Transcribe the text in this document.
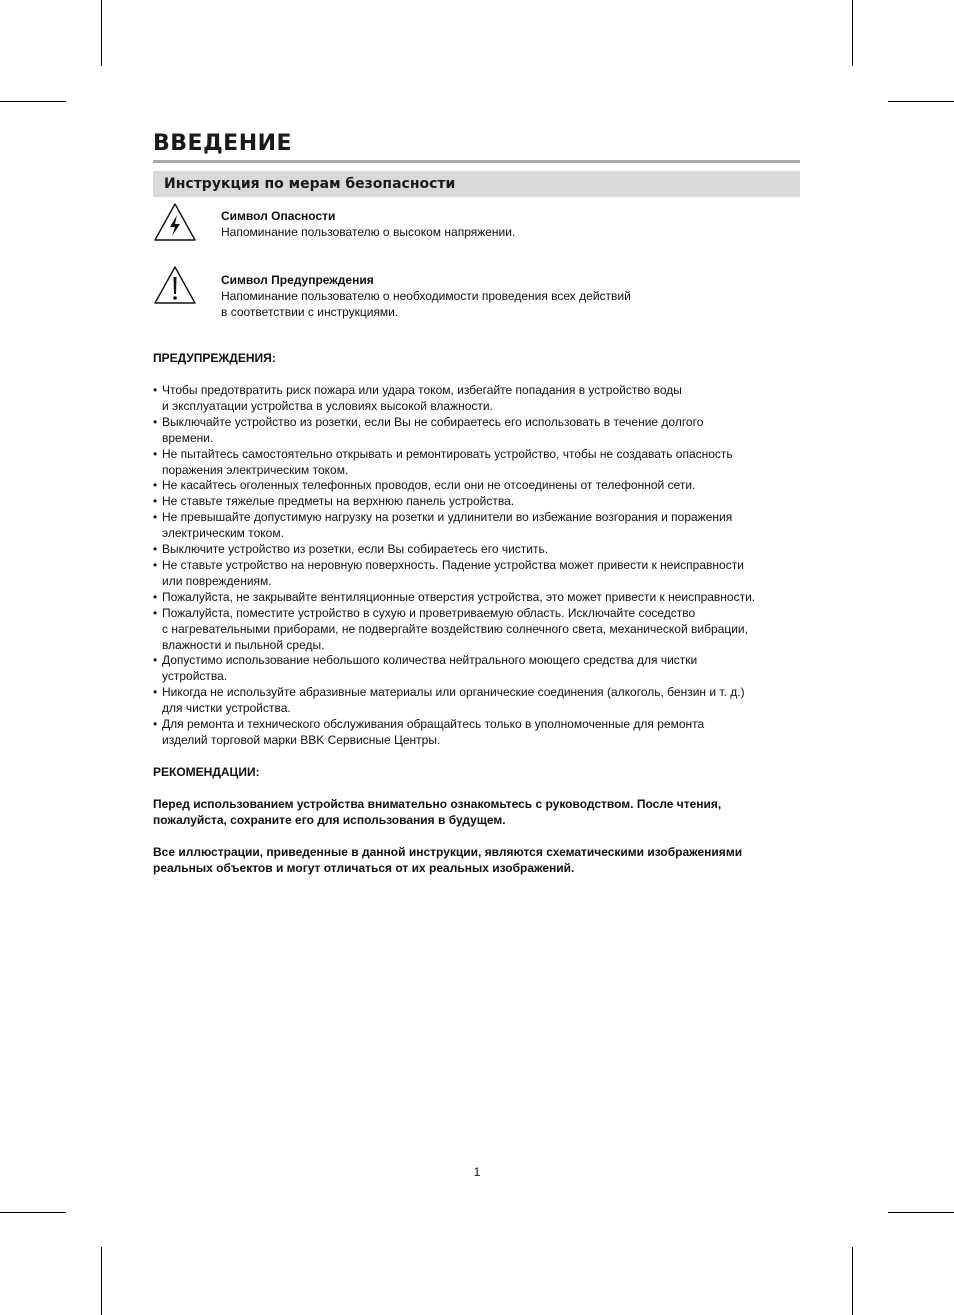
ВВЕДЕНИЕ
Инструкция по мерам безопасности
Символ Опасности
Напоминание пользователю о высоком напряжении.
Символ Предупреждения
Напоминание пользователю о необходимости проведения всех действий
в соответствии с инструкциями.
ПРЕДУПРЕЖДЕНИЯ:
• Чтобы предотвратить риск пожара или удара током, избегайте попадания в устройство воды
и эксплуатации устройства в условиях высокой влажности.
• Выключайте устройство из розетки, если Вы не собираетесь его использовать в течение долгого
времени.
• Не пытайтесь самостоятельно открывать и ремонтировать устройство, чтобы не создавать опасность
поражения электрическим током.
• Не касайтесь оголенных телефонных проводов, если они не отсоединены от телефонной сети.
• Не ставьте тяжелые предметы на верхнюю панель устройства.
• Не превышайте допустимую нагрузку на розетки и удлинители во избежание возгорания и поражения
электрическим током.
• Выключите устройство из розетки, если Вы собираетесь его чистить.
• Не ставьте устройство на неровную поверхность. Падение устройства может привести к неисправности
или повреждениям.
• Пожалуйста, не закрывайте вентиляционные отверстия устройства, это может привести к неисправности.
• Пожалуйста, поместите устройство в сухую и проветриваемую область. Исключайте соседство
с нагревательными приборами, не подвергайте воздействию солнечного света, механической вибрации,
влажности и пыльной среды.
• Допустимо использование небольшого количества нейтрального моющего средства для чистки
устройства.
• Никогда не используйте абразивные материалы или органические соединения (алкоголь, бензин и т. д.)
для чистки устройства.
• Для ремонта и технического обслуживания обращайтесь только в уполномоченные для ремонта
изделий торговой марки BBK Сервисные Центры.
РЕКОМЕНДАЦИИ:
Перед использованием устройства внимательно ознакомьтесь с руководством. После чтения,
пожалуйста, сохраните его для использования в будущем.
Все иллюстрации, приведенные в данной инструкции, являются схематическими изображениями
реальных объектов и могут отличаться от их реальных изображений.
1
